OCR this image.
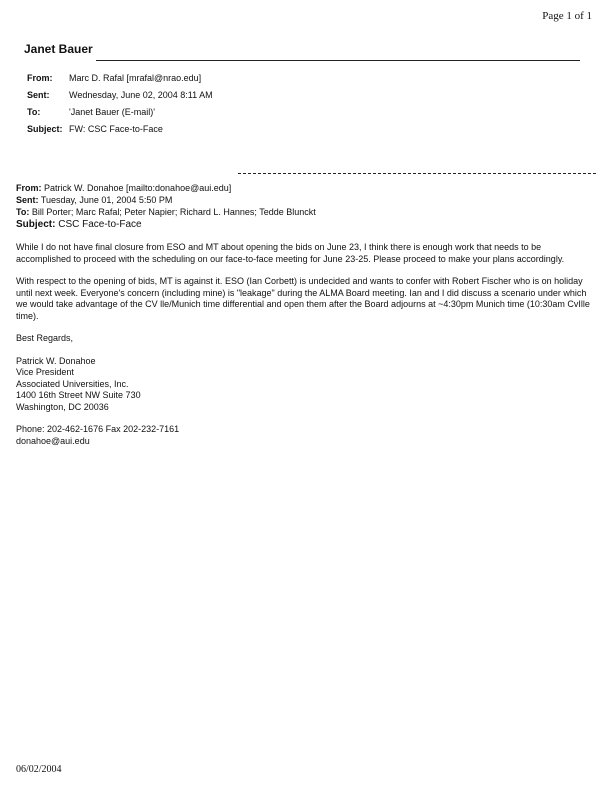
Page 1 of 1
Janet Bauer
From:	Marc D. Rafal [mrafal@nrao.edu]
Sent:	Wednesday, June 02, 2004 8:11 AM
To:	'Janet Bauer (E-mail)'
Subject: FW: CSC Face-to-Face
From: Patrick W. Donahoe [mailto:donahoe@aui.edu]
Sent: Tuesday, June 01, 2004 5:50 PM
To: Bill Porter; Marc Rafal; Peter Napier; Richard L. Hannes; Tedde Blunckt
Subject: CSC Face-to-Face

While I do not have final closure from ESO and MT about opening the bids on June 23, I think there is enough work that needs to be accomplished to proceed with the scheduling on our face-to-face meeting for June 23-25. Please proceed to make your plans accordingly.

With respect to the opening of bids, MT is against it. ESO (Ian Corbett) is undecided and wants to confer with Robert Fischer who is on holiday until next week. Everyone's concern (including mine) is "leakage" during the ALMA Board meeting. Ian and I did discuss a scenario under which we would take advantage of the CV lle/Munich time differential and open them after the Board adjourns at ~4:30pm Munich time (10:30am CvIlle time).

Best Regards,

Patrick W. Donahoe
Vice President
Associated Universities, Inc.
1400 16th Street NW Suite 730
Washington, DC 20036

Phone: 202-462-1676 Fax 202-232-7161
donahoe@aui.edu

06/02/2004
